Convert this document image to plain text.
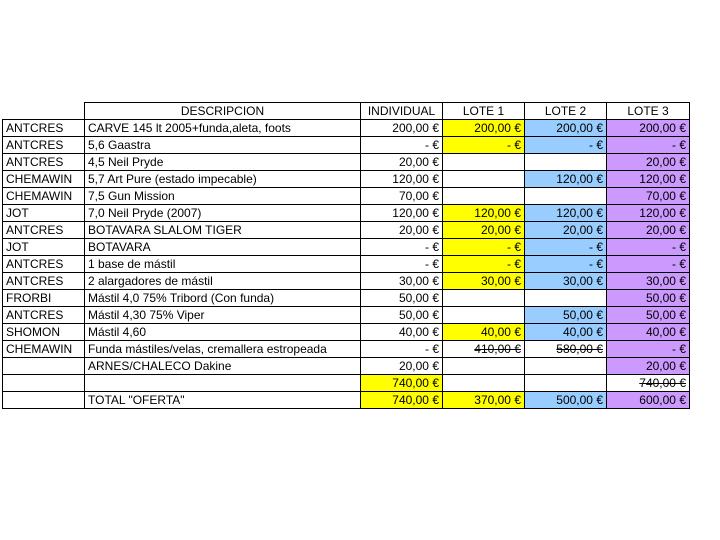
	DESCRIPCION	INDIVIDUAL	LOTE 1	LOTE 2	LOTE 3
ANTCRES	CARVE 145 lt 2005+funda,aleta, foots	200,00 €	200,00 €	200,00 €	200,00 €
ANTCRES	5,6 Gaastra	- €	- €	- €	- €
ANTCRES	4,5 Neil Pryde	20,00 €			20,00 €
CHEMAWIN	5,7 Art Pure (estado impecable)	120,00 €		120,00 €	120,00 €
CHEMAWIN	7,5 Gun Mission	70,00 €			70,00 €
JOT	7,0 Neil Pryde (2007)	120,00 €	120,00 €	120,00 €	120,00 €
ANTCRES	BOTAVARA SLALOM TIGER	20,00 €	20,00 €	20,00 €	20,00 €
JOT	BOTAVARA	- €	- €	- €	- €
ANTCRES	1 base de mástil	- €	- €	- €	- €
ANTCRES	2 alargadores de mástil	30,00 €	30,00 €	30,00 €	30,00 €
FRORBI	Mástil 4,0 75% Tribord (Con funda)	50,00 €			50,00 €
ANTCRES	Mástil 4,30 75% Viper	50,00 €		50,00 €	50,00 €
SHOMON	Mástil 4,60	40,00 €	40,00 €	40,00 €	40,00 €
CHEMAWIN	Funda mástiles/velas, cremallera estropeada	- €	410,00 €	580,00 €	- €
	ARNES/CHALECO Dakine	20,00 €			20,00 €
		740,00 €			740,00 €
	TOTAL "OFERTA"	740,00 €	370,00 €	500,00 €	600,00 €
